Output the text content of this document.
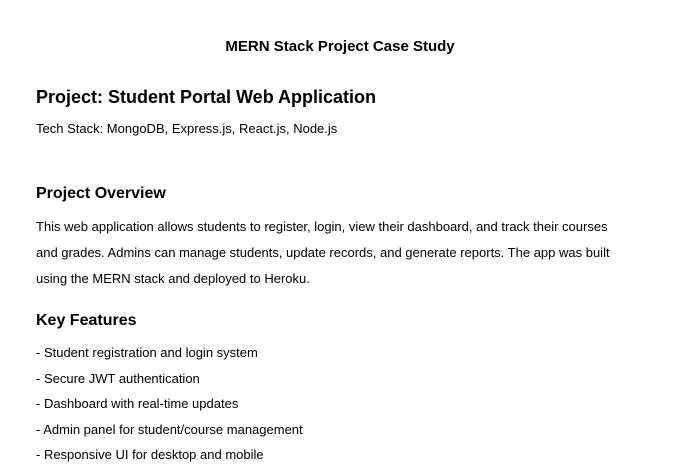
MERN Stack Project Case Study
Project: Student Portal Web Application
Tech Stack: MongoDB, Express.js, React.js, Node.js
Project Overview
This web application allows students to register, login, view their dashboard, and track their courses
and grades. Admins can manage students, update records, and generate reports. The app was built
using the MERN stack and deployed to Heroku.
Key Features
- Student registration and login system
- Secure JWT authentication
- Dashboard with real-time updates
- Admin panel for student/course management
- Responsive UI for desktop and mobile
